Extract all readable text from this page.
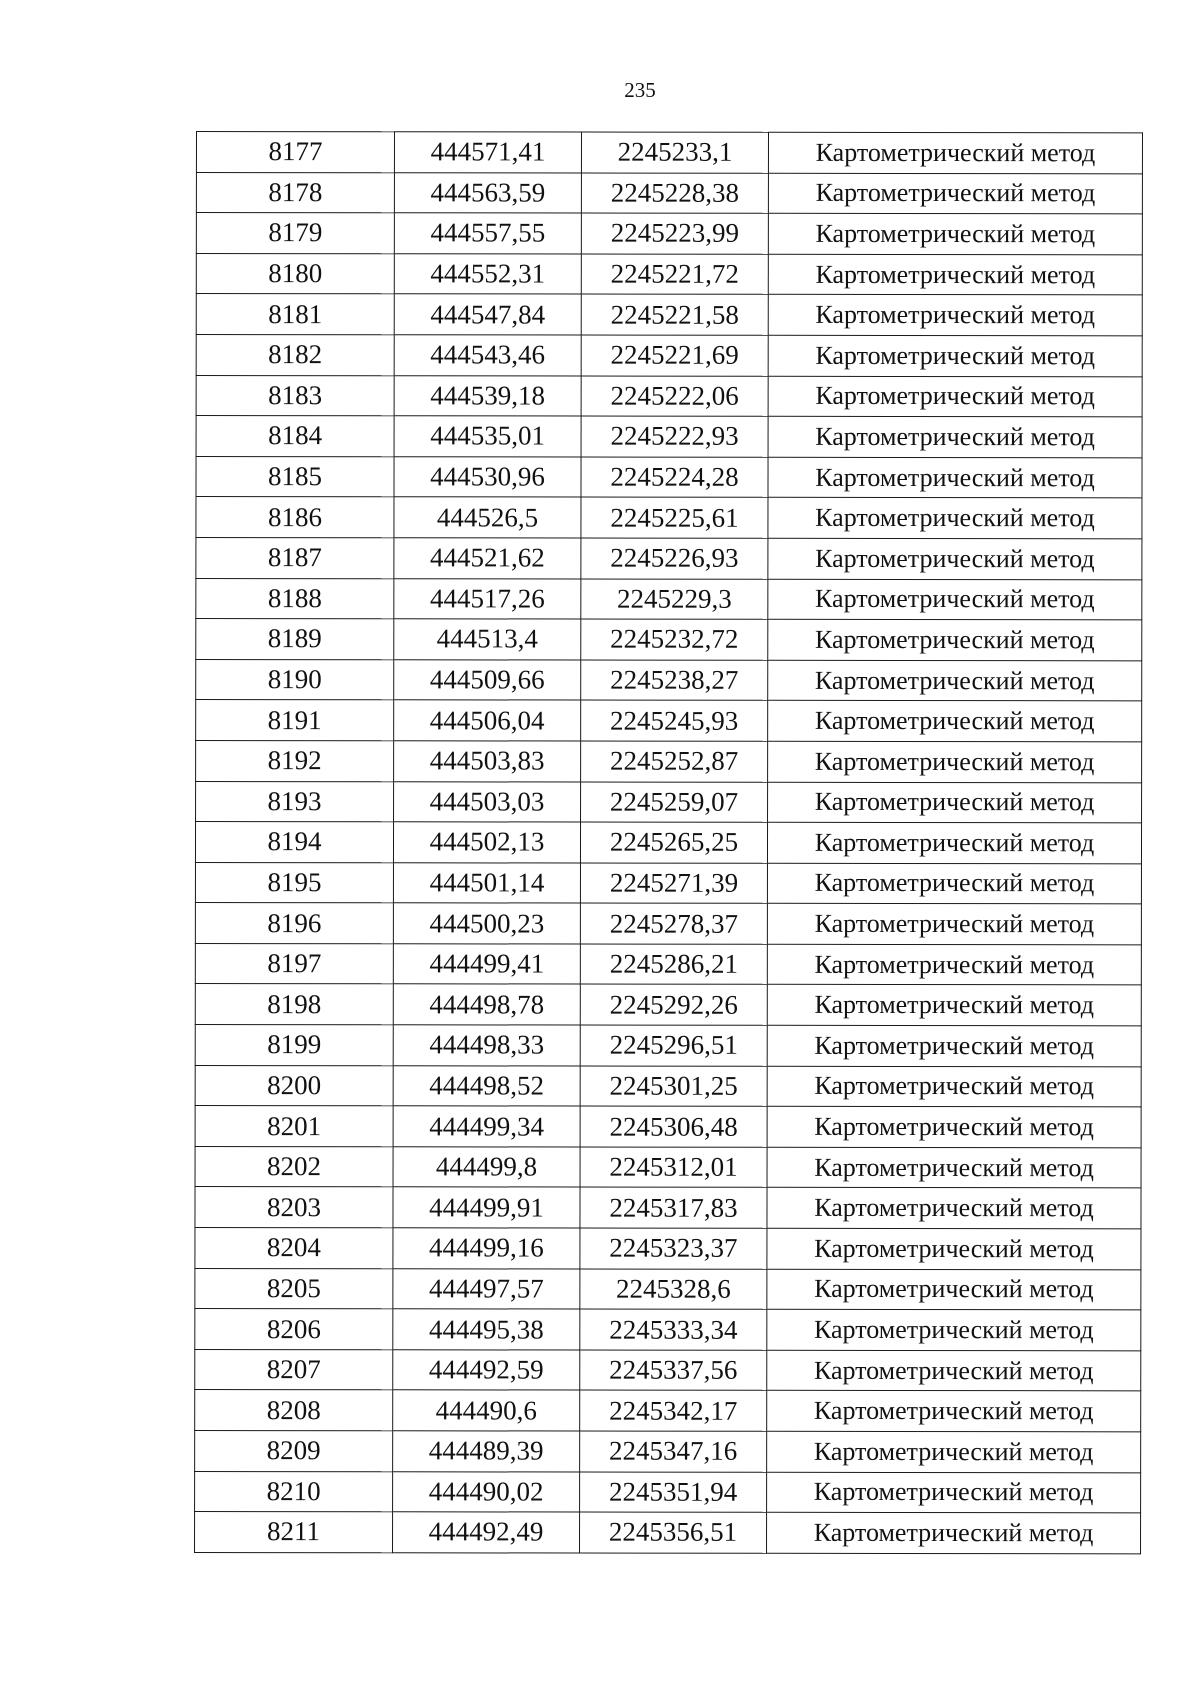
235
8177	444571,41	2245233,1	Картометрический метод
8178	444563,59	2245228,38	Картометрический метод
8179	444557,55	2245223,99	Картометрический метод
8180	444552,31	2245221,72	Картометрический метод
8181	444547,84	2245221,58	Картометрический метод
8182	444543,46	2245221,69	Картометрический метод
8183	444539,18	2245222,06	Картометрический метод
8184	444535,01	2245222,93	Картометрический метод
8185	444530,96	2245224,28	Картометрический метод
8186	444526,5	2245225,61	Картометрический метод
8187	444521,62	2245226,93	Картометрический метод
8188	444517,26	2245229,3	Картометрический метод
8189	444513,4	2245232,72	Картометрический метод
8190	444509,66	2245238,27	Картометрический метод
8191	444506,04	2245245,93	Картометрический метод
8192	444503,83	2245252,87	Картометрический метод
8193	444503,03	2245259,07	Картометрический метод
8194	444502,13	2245265,25	Картометрический метод
8195	444501,14	2245271,39	Картометрический метод
8196	444500,23	2245278,37	Картометрический метод
8197	444499,41	2245286,21	Картометрический метод
8198	444498,78	2245292,26	Картометрический метод
8199	444498,33	2245296,51	Картометрический метод
8200	444498,52	2245301,25	Картометрический метод
8201	444499,34	2245306,48	Картометрический метод
8202	444499,8	2245312,01	Картометрический метод
8203	444499,91	2245317,83	Картометрический метод
8204	444499,16	2245323,37	Картометрический метод
8205	444497,57	2245328,6	Картометрический метод
8206	444495,38	2245333,34	Картометрический метод
8207	444492,59	2245337,56	Картометрический метод
8208	444490,6	2245342,17	Картометрический метод
8209	444489,39	2245347,16	Картометрический метод
8210	444490,02	2245351,94	Картометрический метод
8211	444492,49	2245356,51	Картометрический метод
